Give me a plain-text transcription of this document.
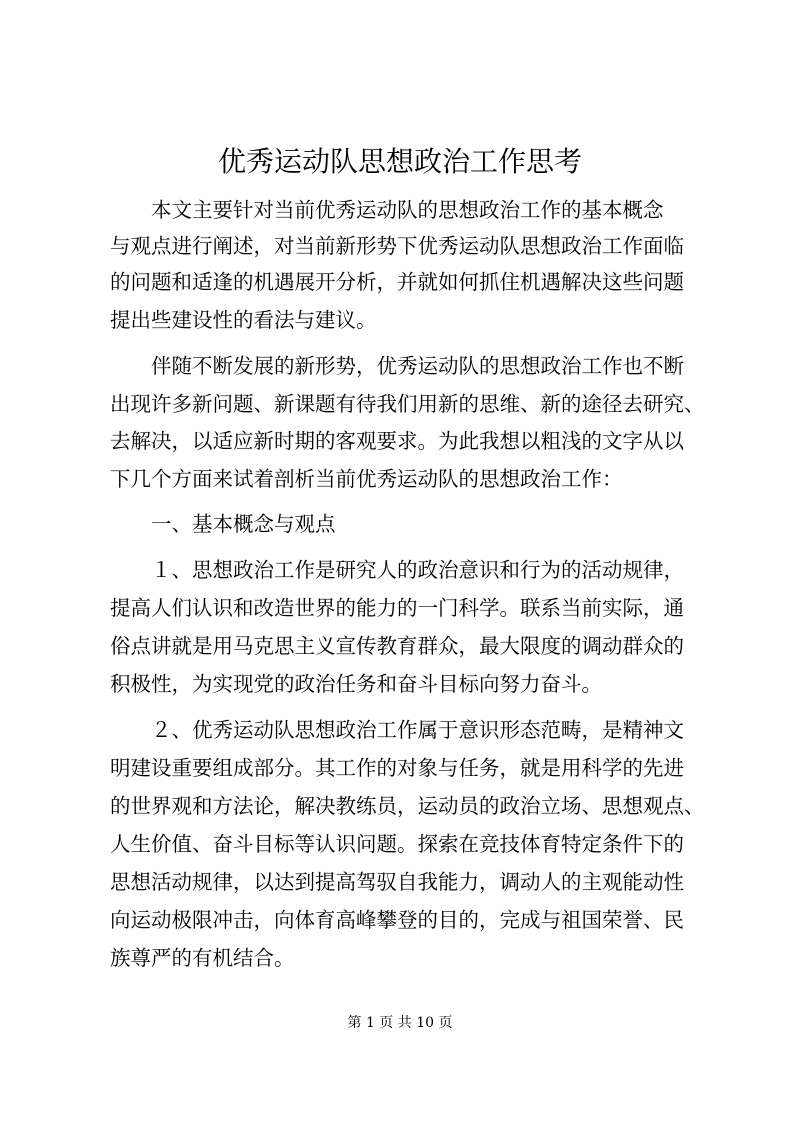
优秀运动队思想政治工作思考
　　本文主要针对当前优秀运动队的思想政治工作的基本概念
与观点进行阐述，对当前新形势下优秀运动队思想政治工作面临
的问题和适逢的机遇展开分析，并就如何抓住机遇解决这些问题
提出些建设性的看法与建议。
　　伴随不断发展的新形势，优秀运动队的思想政治工作也不断
出现许多新问题、新课题有待我们用新的思维、新的途径去研究、
去解决，以适应新时期的客观要求。为此我想以粗浅的文字从以
下几个方面来试着剖析当前优秀运动队的思想政治工作：
　　一、基本概念与观点
　　１、思想政治工作是研究人的政治意识和行为的活动规律，
提高人们认识和改造世界的能力的一门科学。联系当前实际，通
俗点讲就是用马克思主义宣传教育群众，最大限度的调动群众的
积极性，为实现党的政治任务和奋斗目标向努力奋斗。
　　２、优秀运动队思想政治工作属于意识形态范畴，是精神文
明建设重要组成部分。其工作的对象与任务，就是用科学的先进
的世界观和方法论，解决教练员，运动员的政治立场、思想观点、
人生价值、奋斗目标等认识问题。探索在竞技体育特定条件下的
思想活动规律，以达到提高驾驭自我能力，调动人的主观能动性
向运动极限冲击，向体育高峰攀登的目的，完成与祖国荣誉、民
族尊严的有机结合。
第 1 页 共 10 页
